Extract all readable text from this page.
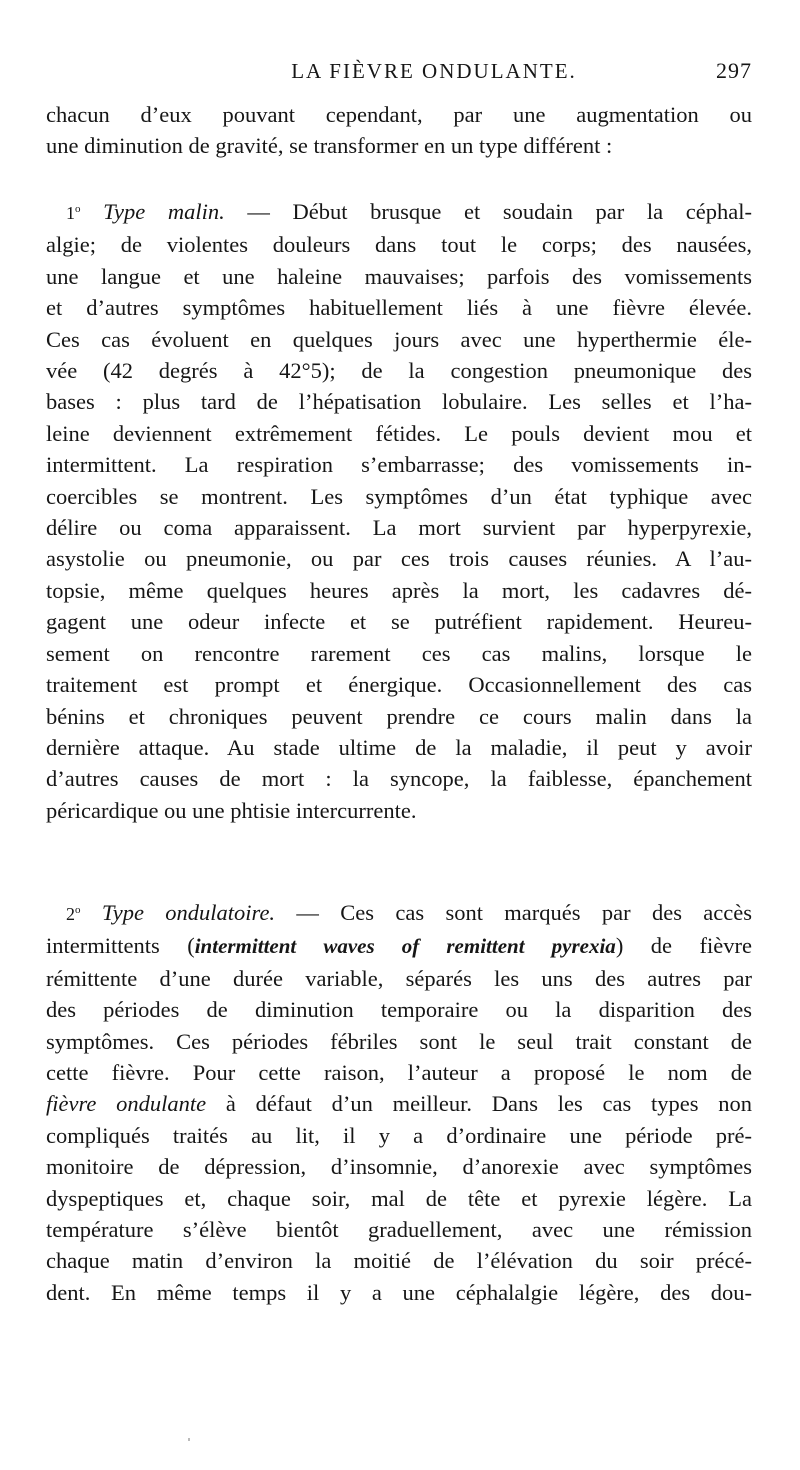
LA FIÈVRE ONDULANTE.	297
chacun d’eux pouvant cependant, par une augmentation ou
une diminution de gravité, se transformer en un type différent :
1$^o$ Type malin. — Début brusque et soudain par la céphal-
algie; de violentes douleurs dans tout le corps; des nausées,
une langue et une haleine mauvaises; parfois des vomissements
et d’autres symptômes habituellement liés à une fièvre élevée.
Ces cas évoluent en quelques jours avec une hyperthermie éle-
vée (42 degrés à 42°5); de la congestion pneumonique des
bases : plus tard de l’hépatisation lobulaire. Les selles et l’ha-
leine deviennent extrêmement fétides. Le pouls devient mou et
intermittent. La respiration s’embarrasse; des vomissements in-
coercibles se montrent. Les symptômes d’un état typhique avec
délire ou coma apparaissent. La mort survient par hyperpyrexie,
asystolie ou pneumonie, ou par ces trois causes réunies. A l’au-
topsie, même quelques heures après la mort, les cadavres dé-
gagent une odeur infecte et se putréfient rapidement. Heureu-
sement on rencontre rarement ces cas malins, lorsque le
traitement est prompt et énergique. Occasionnellement des cas
bénins et chroniques peuvent prendre ce cours malin dans la
dernière attaque. Au stade ultime de la maladie, il peut y avoir
d’autres causes de mort : la syncope, la faiblesse, épanchement
péricardique ou une phtisie intercurrente.
2$^o$ Type ondulatoire. — Ces cas sont marqués par des accès
intermittents (intermittent waves of remittent pyrexia) de fièvre
rémittente d’une durée variable, séparés les uns des autres par
des périodes de diminution temporaire ou la disparition des
symptômes. Ces périodes fébriles sont le seul trait constant de
cette fièvre. Pour cette raison, l’auteur a proposé le nom de
fièvre ondulante à défaut d’un meilleur. Dans les cas types non
compliqués traités au lit, il y a d’ordinaire une période pré-
monitoire de dépression, d’insomnie, d’anorexie avec symptômes
dyspeptiques et, chaque soir, mal de tête et pyrexie légère. La
température s’élève bientôt graduellement, avec une rémission
chaque matin d’environ la moitié de l’élévation du soir précé-
dent. En même temps il y a une céphalalgie légère, des dou-
